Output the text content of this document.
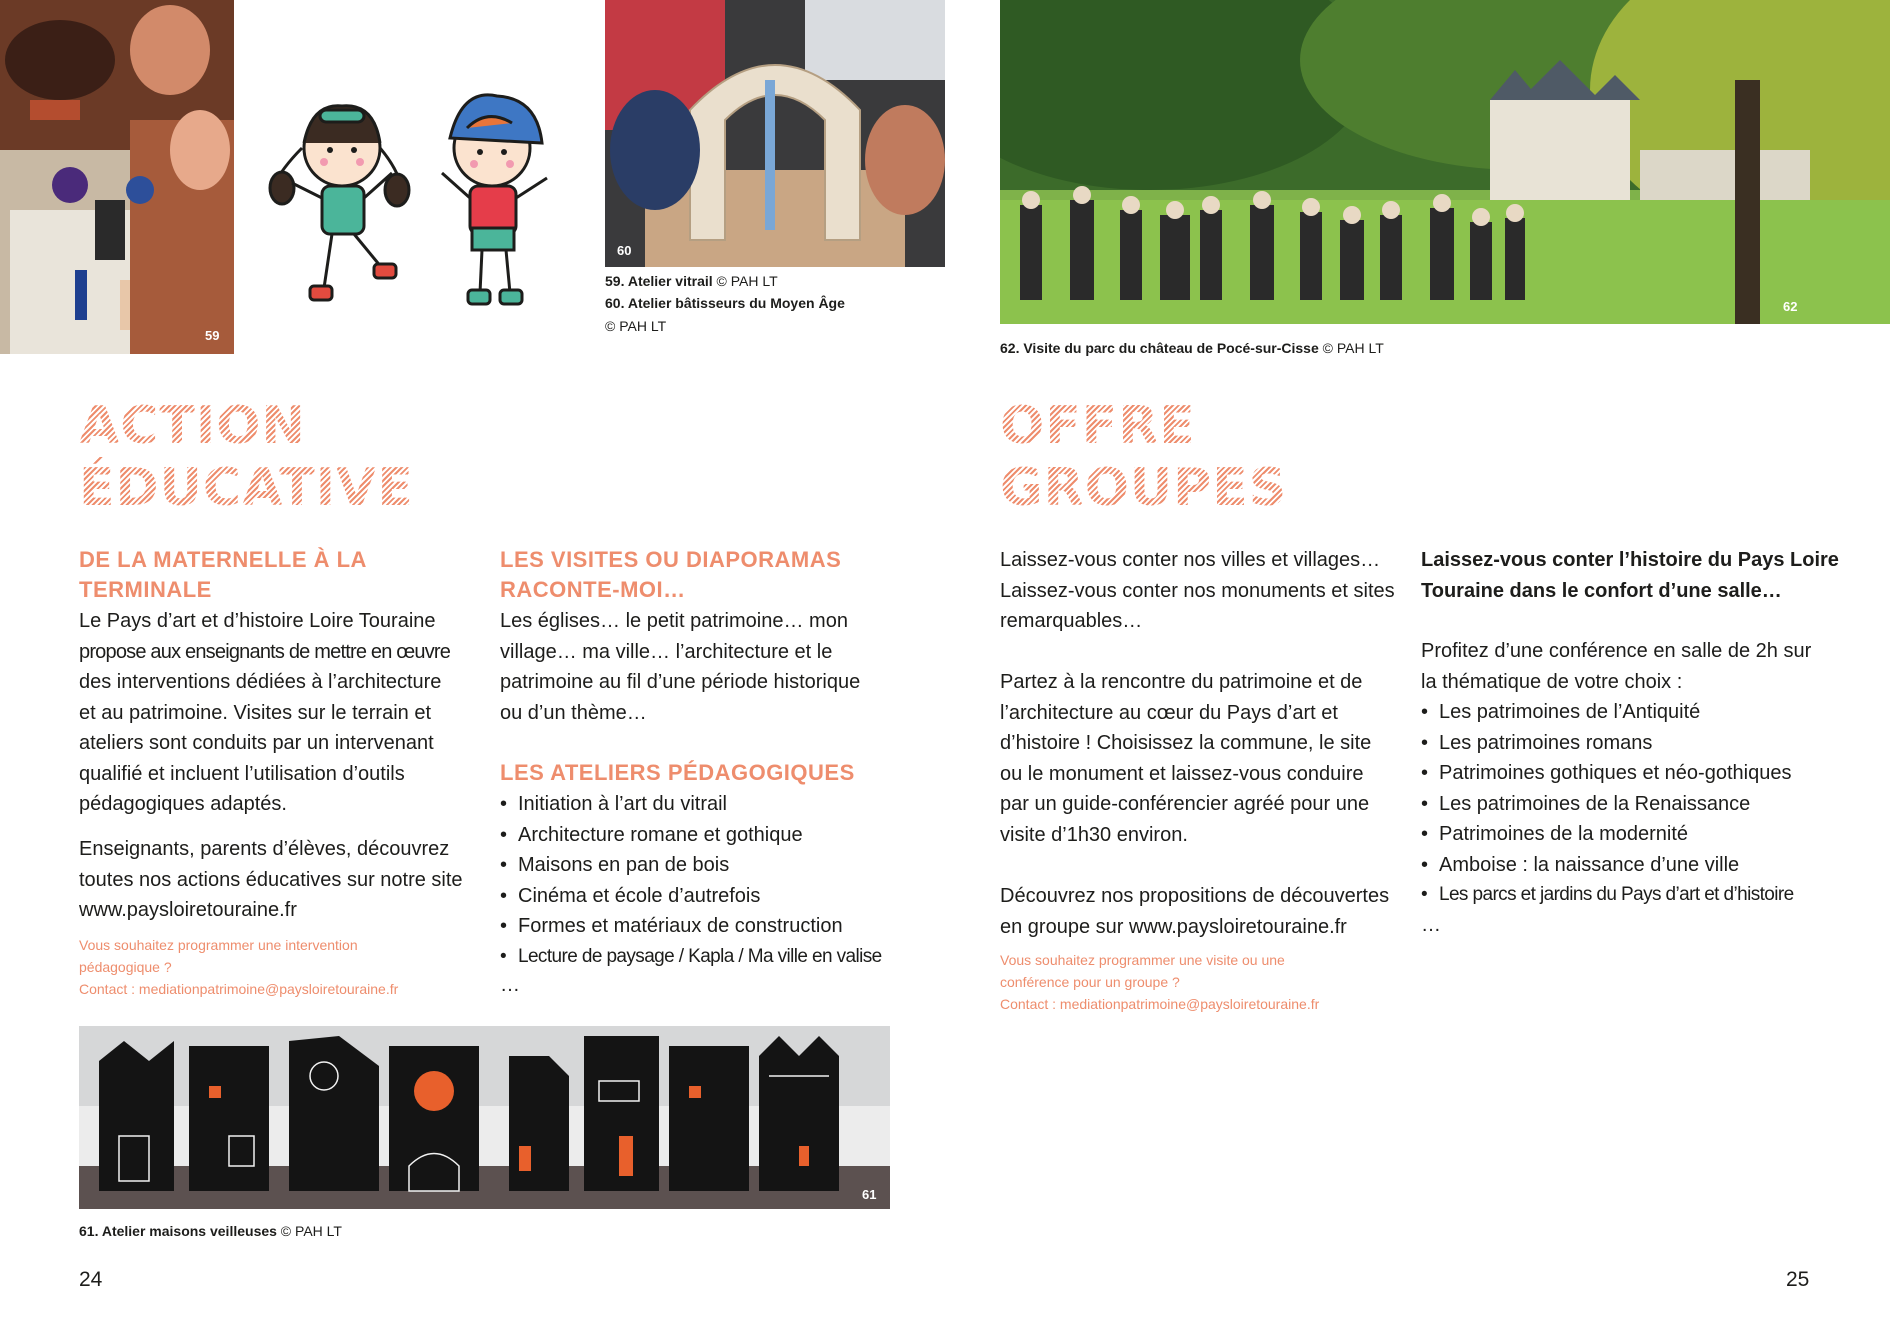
59
60
62
61
59. Atelier vitrail © PAH LT
60. Atelier bâtisseurs du Moyen Âge
© PAH LT
62. Visite du parc du château de Pocé-sur-Cisse © PAH LT
61. Atelier maisons veilleuses © PAH LT
ACTION
ÉDUCATIVE
DE LA MATERNELLE À LA
TERMINALE
Le Pays d’art et d’histoire Loire Touraine
propose aux enseignants de mettre en œuvre
des interventions dédiées à l’architecture
et au patrimoine. Visites sur le terrain et
ateliers sont conduits par un intervenant
qualifié et incluent l’utilisation d’outils
pédagogiques adaptés.
Enseignants, parents d’élèves, découvrez
toutes nos actions éducatives sur notre site
www.paysloiretouraine.fr
Vous souhaitez programmer une intervention
pédagogique ?
Contact : mediationpatrimoine@paysloiretouraine.fr
LES VISITES OU DIAPORAMAS
RACONTE-MOI…
Les églises… le petit patrimoine… mon
village… ma ville… l’architecture et le
patrimoine au fil d’une période historique
ou d’un thème…
LES ATELIERS PÉDAGOGIQUES
• Initiation à l’art du vitrail
• Architecture romane et gothique
• Maisons en pan de bois
• Cinéma et école d’autrefois
• Formes et matériaux de construction
• Lecture de paysage / Kapla / Ma ville en valise

…

24
OFFRE
GROUPES
Laissez-vous conter nos villes et villages…
Laissez-vous conter nos monuments et sites
remarquables…
Partez à la rencontre du patrimoine et de
l’architecture au cœur du Pays d’art et
d’histoire ! Choisissez la commune, le site
ou le monument et laissez-vous conduire
par un guide-conférencier agréé pour une
visite d’1h30 environ.
Découvrez nos propositions de découvertes
en groupe sur www.paysloiretouraine.fr
Vous souhaitez programmer une visite ou une
conférence pour un groupe ?
Contact : mediationpatrimoine@paysloiretouraine.fr
Laissez-vous conter l’histoire du Pays Loire
Touraine dans le confort d’une salle…
Profitez d’une conférence en salle de 2h sur
la thématique de votre choix :
• Les patrimoines de l’Antiquité
• Les patrimoines romans
• Patrimoines gothiques et néo-gothiques
• Les patrimoines de la Renaissance
• Patrimoines de la modernité
• Amboise : la naissance d’une ville
• Les parcs et jardins du Pays d’art et d’histoire

…

25
